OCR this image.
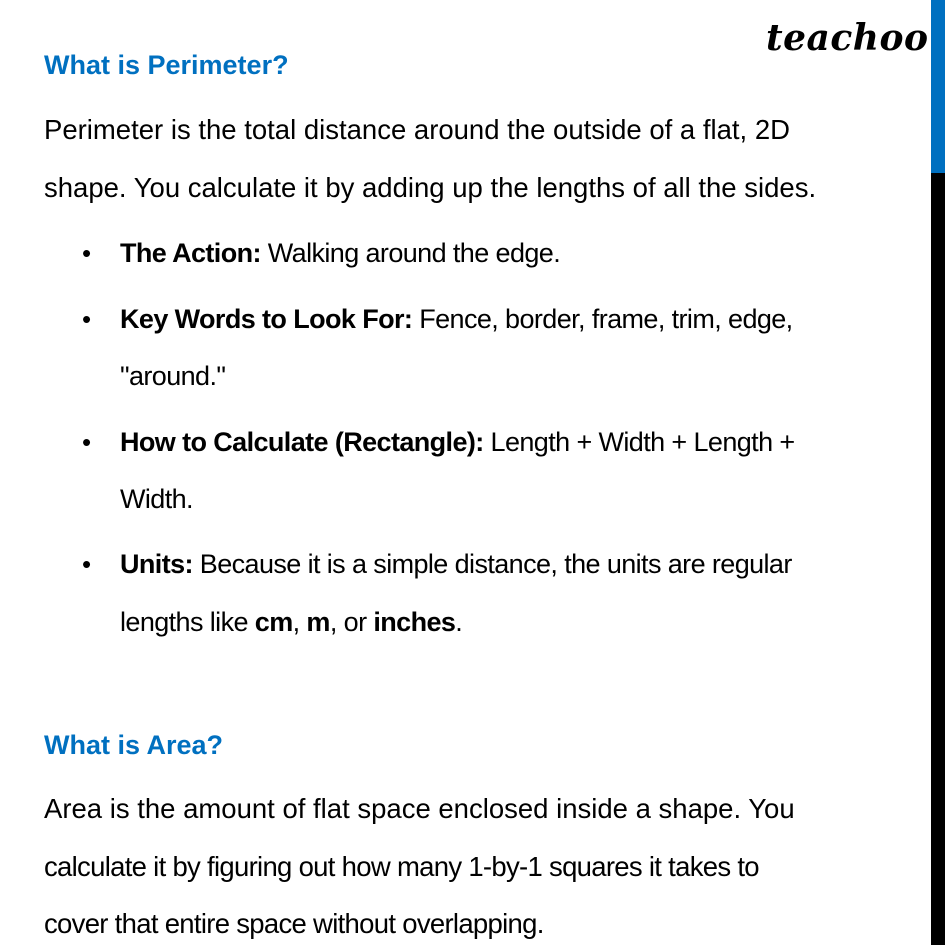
teachoo
What is Perimeter?
Perimeter is the total distance around the outside of a flat, 2D
shape. You calculate it by adding up the lengths of all the sides.
• The Action: Walking around the edge.
• Key Words to Look For: Fence, border, frame, trim, edge,
"around."
• How to Calculate (Rectangle): Length + Width + Length +
Width.
• Units: Because it is a simple distance, the units are regular
lengths like cm, m, or inches.
What is Area?
Area is the amount of flat space enclosed inside a shape. You
calculate it by figuring out how many 1-by-1 squares it takes to
cover that entire space without overlapping.
